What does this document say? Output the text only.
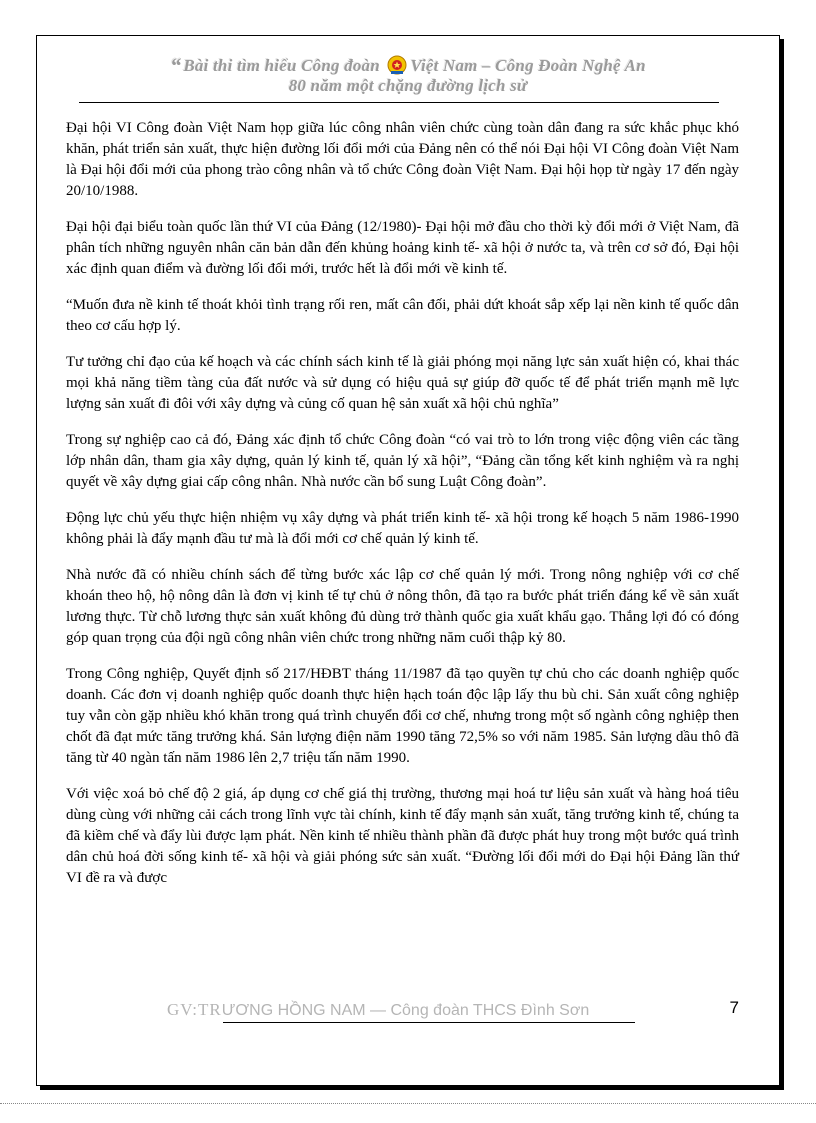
“ Bài thi tìm hiểu Công đoàn Việt Nam – Công Đoàn Nghệ An
80 năm một chặng đường lịch sử

Đại hội VI Công đoàn Việt Nam họp giữa lúc công nhân viên chức cùng toàn dân đang ra sức khắc phục khó khăn, phát triển sản xuất, thực hiện đường lối đổi mới của Đảng nên có thể nói Đại hội VI Công đoàn Việt Nam là Đại hội đổi mới của phong trào công nhân và tổ chức Công đoàn Việt Nam. Đại hội họp từ ngày 17 đến ngày 20/10/1988.

Đại hội đại biểu toàn quốc lần thứ VI của Đảng (12/1980)- Đại hội mở đầu cho thời kỳ đổi mới ở Việt Nam, đã phân tích những nguyên nhân căn bản dẫn đến khủng hoảng kinh tế- xã hội ở nước ta, và trên cơ sở đó, Đại hội xác định quan điểm và đường lối đổi mới, trước hết là đổi mới về kinh tế.

“Muốn đưa nề kinh tế thoát khỏi tình trạng rối ren, mất cân đối, phải dứt khoát sắp xếp lại nền kinh tế quốc dân theo cơ cấu hợp lý.

Tư tưởng chỉ đạo của kế hoạch và các chính sách kinh tế là giải phóng mọi năng lực sản xuất hiện có, khai thác mọi khả năng tiềm tàng của đất nước và sử dụng có hiệu quả sự giúp đỡ quốc tế để phát triển mạnh mẽ lực lượng sản xuất đi đôi với xây dựng và củng cố quan hệ sản xuất xã hội chủ nghĩa”

Trong sự nghiệp cao cả đó, Đảng xác định tổ chức Công đoàn “có vai trò to lớn trong việc động viên các tầng lớp nhân dân, tham gia xây dựng, quản lý kinh tế, quản lý xã hội”, “Đảng cần tổng kết kinh nghiệm và ra nghị quyết về xây dựng giai cấp công nhân. Nhà nước cần bổ sung Luật Công đoàn”.

Động lực chủ yếu thực hiện nhiệm vụ xây dựng và phát triển kinh tế- xã hội trong kế hoạch 5 năm 1986-1990 không phải là đẩy mạnh đầu tư mà là đổi mới cơ chế quản lý kinh tế.

Nhà nước đã có nhiều chính sách để từng bước xác lập cơ chế quản lý mới. Trong nông nghiệp với cơ chế khoán theo hộ, hộ nông dân là đơn vị kinh tế tự chủ ở nông thôn, đã tạo ra bước phát triển đáng kể về sản xuất lương thực. Từ chỗ lương thực sản xuất không đủ dùng trở thành quốc gia xuất khẩu gạo. Thắng lợi đó có đóng góp quan trọng của đội ngũ công nhân viên chức trong những năm cuối thập kỷ 80.

Trong Công nghiệp, Quyết định số 217/HĐBT tháng 11/1987 đã tạo quyền tự chủ cho các doanh nghiệp quốc doanh. Các đơn vị doanh nghiệp quốc doanh thực hiện hạch toán độc lập lấy thu bù chi. Sản xuất công nghiệp tuy vẫn còn gặp nhiều khó khăn trong quá trình chuyển đổi cơ chế, nhưng trong một số ngành công nghiệp then chốt đã đạt mức tăng trưởng khá. Sản lượng điện năm 1990 tăng 72,5% so với năm 1985. Sản lượng dầu thô đã tăng từ 40 ngàn tấn năm 1986 lên 2,7 triệu tấn năm 1990.

Với việc xoá bỏ chế độ 2 giá, áp dụng cơ chế giá thị trường, thương mại hoá tư liệu sản xuất và hàng hoá tiêu dùng cùng với những cải cách trong lĩnh vực tài chính, kinh tế đẩy mạnh sản xuất, tăng trưởng kinh tế, chúng ta đã kiềm chế và đẩy lùi được lạm phát. Nền kinh tế nhiều thành phần đã được phát huy trong một bước quá trình dân chủ hoá đời sống kinh tế- xã hội và giải phóng sức sản xuất. “Đường lối đổi mới do Đại hội Đảng lần thứ VI đề ra và được

GV:TRƯƠNG HỒNG NAM — Công đoàn THCS Đình Sơn	7
